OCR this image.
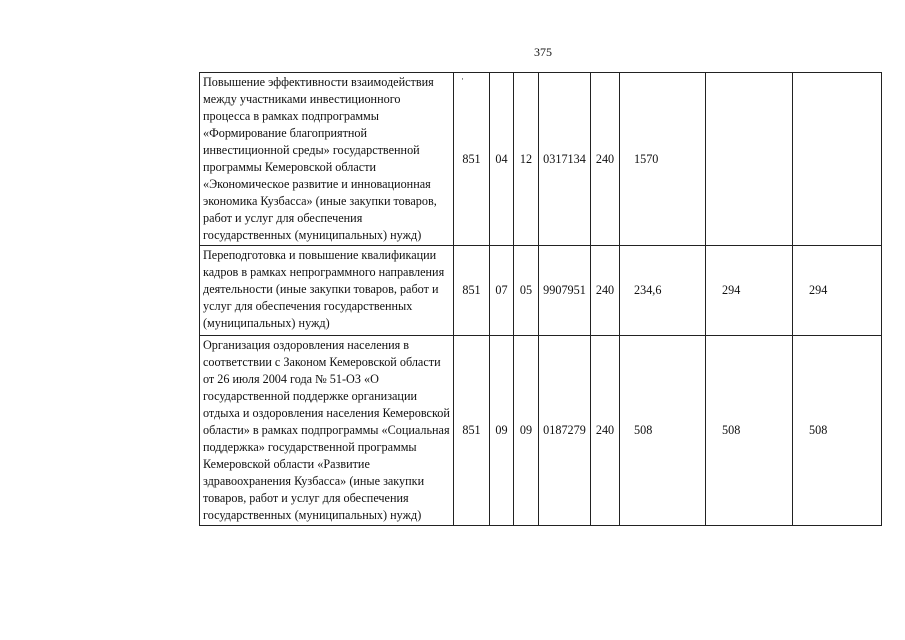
375
·
Повышение эффективности взаимодействия между участниками инвестиционного процесса в рамках подпрограммы «Формирование благоприятной инвестиционной среды» государственной программы Кемеровской области «Экономическое развитие и инновационная экономика Кузбасса» (иные закупки товаров, работ и услуг для обеспечения государственных (муниципальных) нужд)	851	04	12	0317134	240	1570		
Переподготовка и повышение квалификации кадров в рамках непрограммного направления деятельности (иные закупки товаров, работ и услуг для обеспечения государственных (муниципальных) нужд)	851	07	05	9907951	240	234,6	294	294
Организация оздоровления населения в соответствии с Законом Кемеровской области от 26 июля 2004 года № 51-ОЗ «О государственной поддержке организации отдыха и оздоровления населения Кемеровской области» в рамках подпрограммы «Социальная поддержка» государственной программы Кемеровской области «Развитие здравоохранения Кузбасса» (иные закупки товаров, работ и услуг для обеспечения государственных (муниципальных) нужд)	851	09	09	0187279	240	508	508	508
